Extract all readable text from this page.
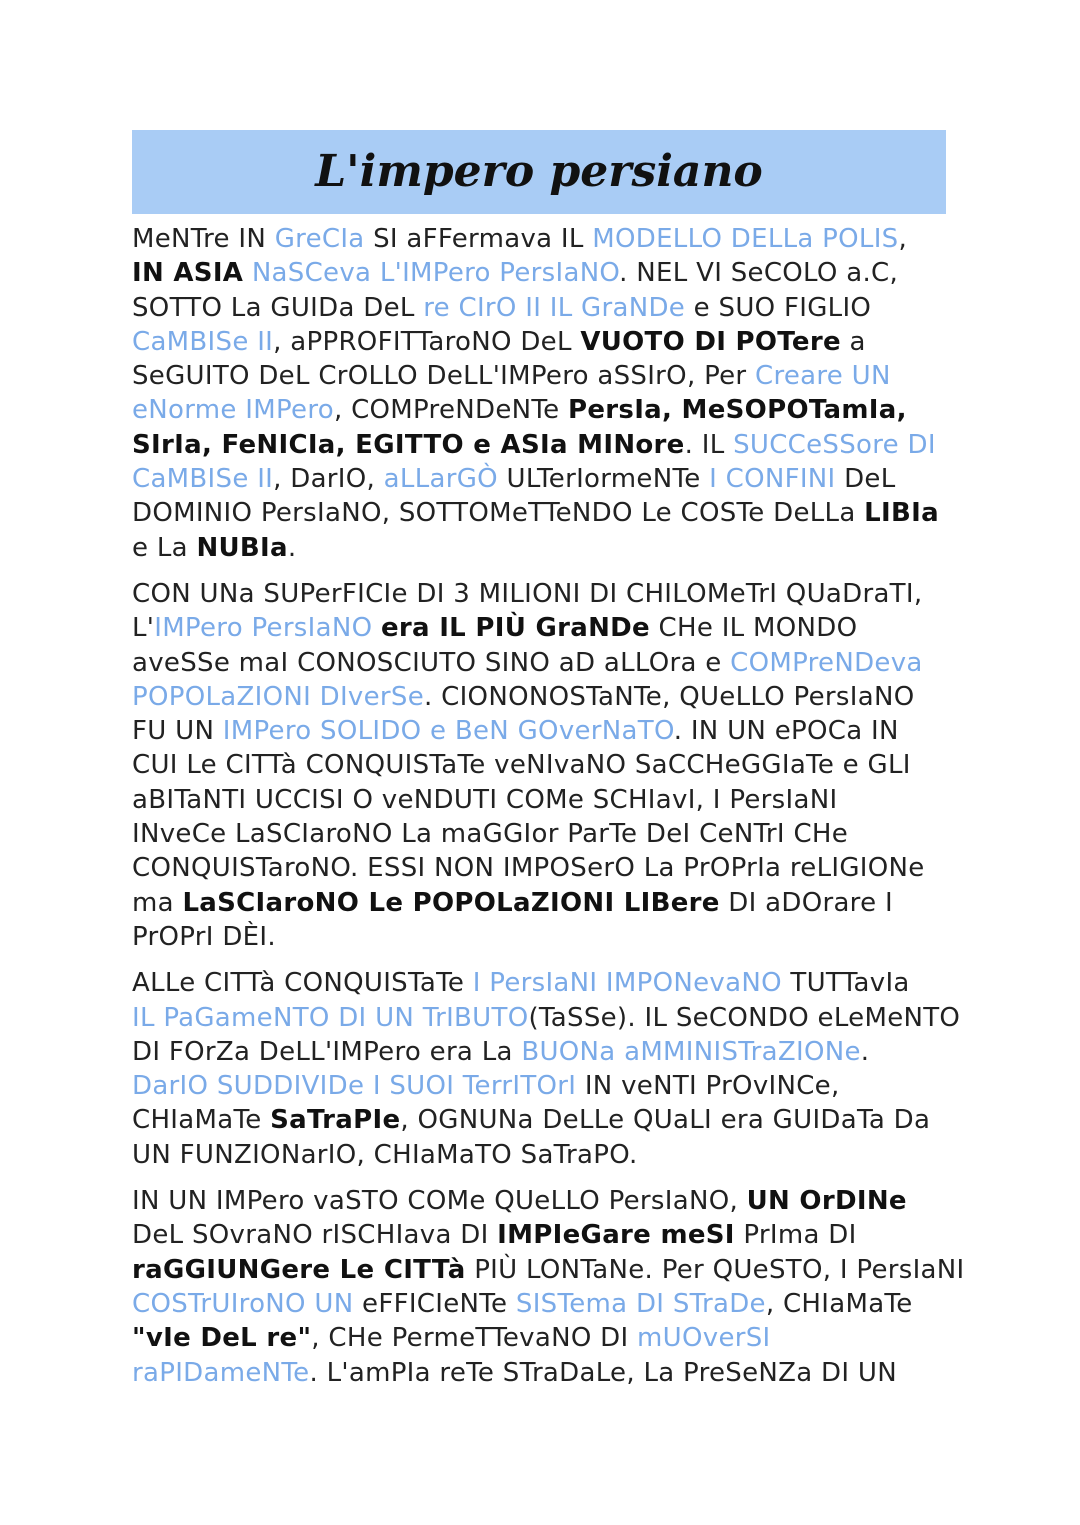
L'impero persiano

MeNTre IN GreCIa SI aFFermava IL MODELLO DELLa POLIS,
IN ASIA NaSCeva L'IMPero PersIaNO. NEL VI SeCOLO a.C,
SOTTO La GUIDa DeL re CIrO II IL GraNDe e SUO FIGLIO
CaMBISe II, aPPROFITTaroNO DeL VUOTO DI POTere a
SeGUITO DeL CrOLLO DeLL'IMPero aSSIrO, Per Creare UN
eNorme IMPero, COMPreNDeNTe PersIa, MeSOPOTamIa,
SIrIa, FeNICIa, EGITTO e ASIa MINore. IL SUCCeSSore DI
CaMBISe II, DarIO, aLLarGÒ ULTerIormeNTe I CONFINI DeL
DOMINIO PersIaNO, SOTTOMeTTeNDO Le COSTe DeLLa LIBIa
e La NUBIa.

CON UNa SUPerFICIe DI 3 MILIONI DI CHILOMeTrI QUaDraTI,
L'IMPero PersIaNO era IL PIÙ GraNDe CHe IL MONDO
aveSSe maI CONOSCIUTO SINO aD aLLOra e COMPreNDeva
POPOLaZIONI DIverSe. CIONONOSTaNTe, QUeLLO PersIaNO
FU UN IMPero SOLIDO e BeN GOverNaTO. IN UN ePOCa IN
CUI Le CITTà CONQUISTaTe veNIvaNO SaCCHeGGIaTe e GLI
aBITaNTI UCCISI O veNDUTI COMe SCHIavI, I PersIaNI
INveCe LaSCIaroNO La maGGIor ParTe DeI CeNTrI CHe
CONQUISTaroNO. ESSI NON IMPOSerO La PrOPrIa reLIGIONe
ma LaSCIaroNO Le POPOLaZIONI LIBere DI aDOrare I
PrOPrI DÈI.

ALLe CITTà CONQUISTaTe I PersIaNI IMPONevaNO TUTTavIa
IL PaGameNTO DI UN TrIBUTO(TaSSe). IL SeCONDO eLeMeNTO
DI FOrZa DeLL'IMPero era La BUONa aMMINISTraZIONe.
DarIO SUDDIVIDe I SUOI TerrITOrI IN veNTI PrOvINCe,
CHIaMaTe SaTraPIe, OGNUNa DeLLe QUaLI era GUIDaTa Da
UN FUNZIONarIO, CHIaMaTO SaTraPO.

IN UN IMPero vaSTO COMe QUeLLO PersIaNO, UN OrDINe
DeL SOvraNO rISCHIava DI IMPIeGare meSI PrIma DI
raGGIUNGere Le CITTà PIÙ LONTaNe. Per QUeSTO, I PersIaNI
COSTrUIroNO UN eFFICIeNTe SISTema DI STraDe, CHIaMaTe
"vIe DeL re", CHe PermeTTevaNO DI mUOverSI
raPIDameNTe. L'amPIa reTe STraDaLe, La PreSeNZa DI UN
